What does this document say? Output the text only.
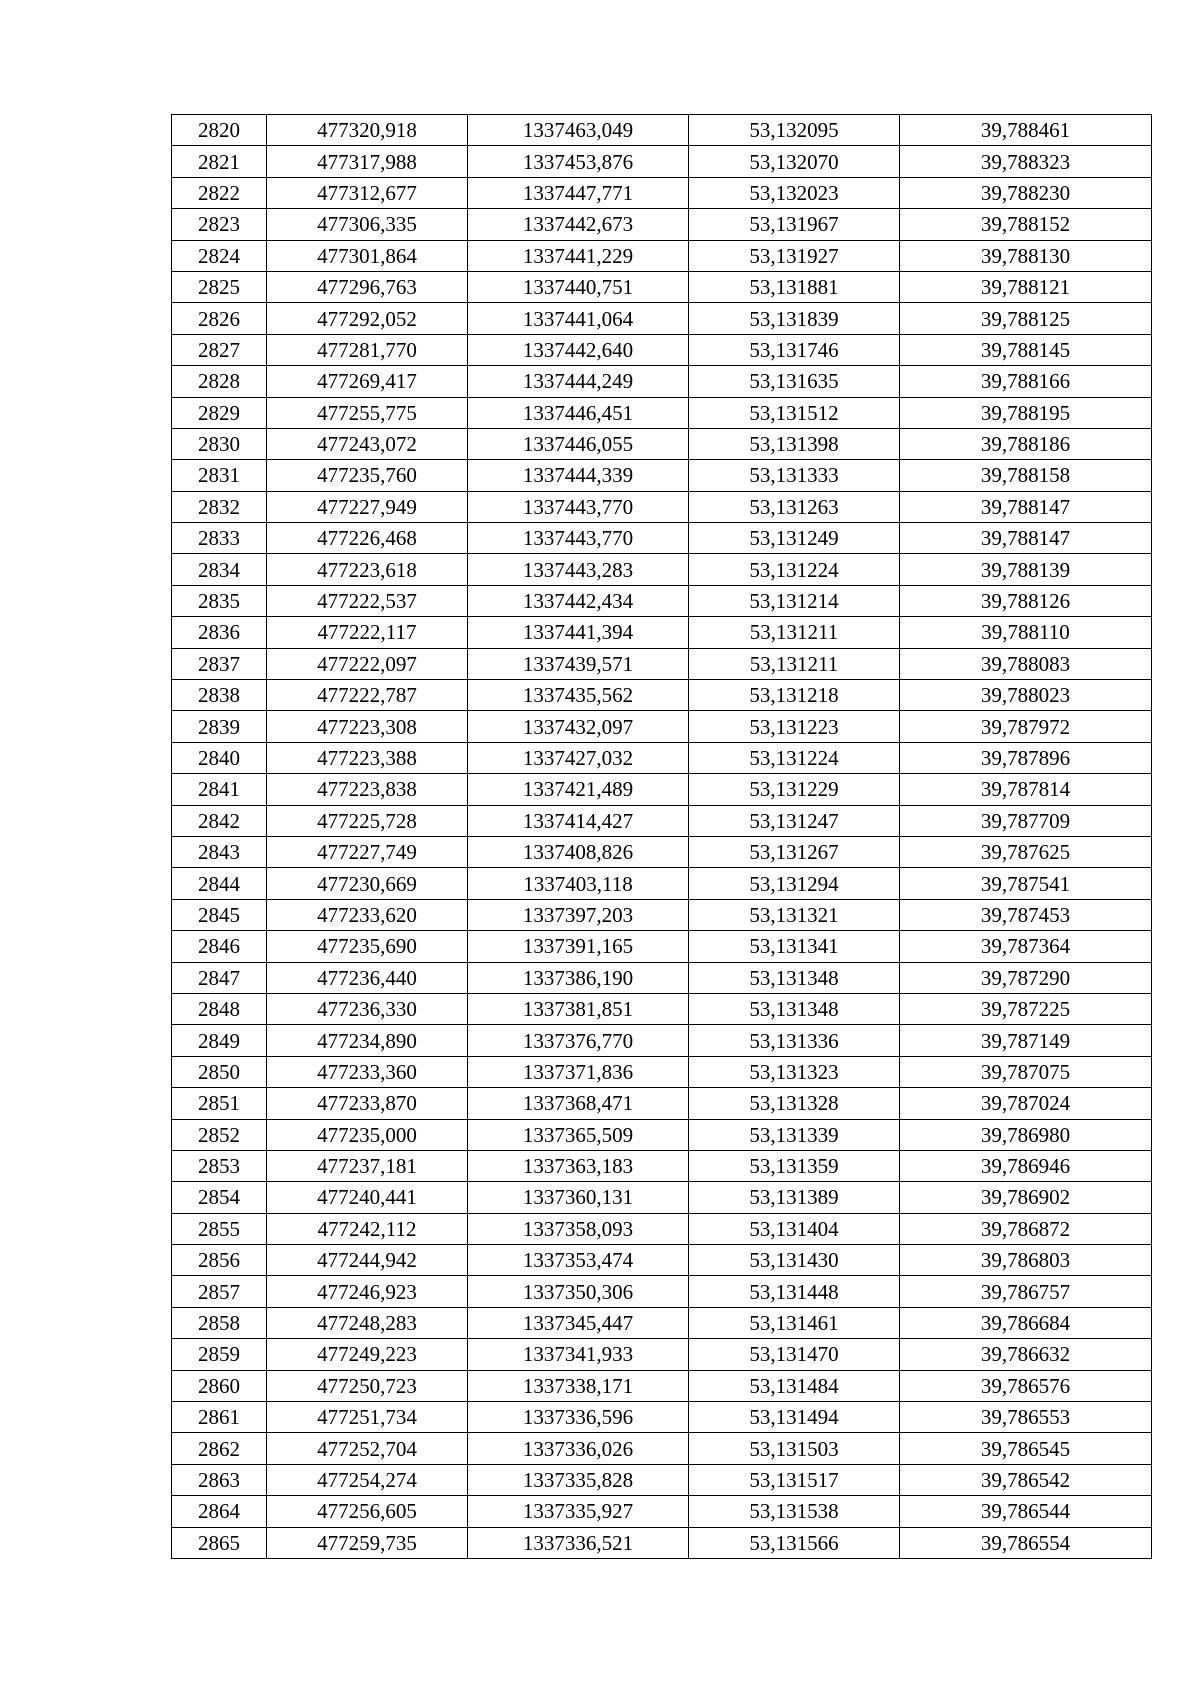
2820	477320,918	1337463,049	53,132095	39,788461
2821	477317,988	1337453,876	53,132070	39,788323
2822	477312,677	1337447,771	53,132023	39,788230
2823	477306,335	1337442,673	53,131967	39,788152
2824	477301,864	1337441,229	53,131927	39,788130
2825	477296,763	1337440,751	53,131881	39,788121
2826	477292,052	1337441,064	53,131839	39,788125
2827	477281,770	1337442,640	53,131746	39,788145
2828	477269,417	1337444,249	53,131635	39,788166
2829	477255,775	1337446,451	53,131512	39,788195
2830	477243,072	1337446,055	53,131398	39,788186
2831	477235,760	1337444,339	53,131333	39,788158
2832	477227,949	1337443,770	53,131263	39,788147
2833	477226,468	1337443,770	53,131249	39,788147
2834	477223,618	1337443,283	53,131224	39,788139
2835	477222,537	1337442,434	53,131214	39,788126
2836	477222,117	1337441,394	53,131211	39,788110
2837	477222,097	1337439,571	53,131211	39,788083
2838	477222,787	1337435,562	53,131218	39,788023
2839	477223,308	1337432,097	53,131223	39,787972
2840	477223,388	1337427,032	53,131224	39,787896
2841	477223,838	1337421,489	53,131229	39,787814
2842	477225,728	1337414,427	53,131247	39,787709
2843	477227,749	1337408,826	53,131267	39,787625
2844	477230,669	1337403,118	53,131294	39,787541
2845	477233,620	1337397,203	53,131321	39,787453
2846	477235,690	1337391,165	53,131341	39,787364
2847	477236,440	1337386,190	53,131348	39,787290
2848	477236,330	1337381,851	53,131348	39,787225
2849	477234,890	1337376,770	53,131336	39,787149
2850	477233,360	1337371,836	53,131323	39,787075
2851	477233,870	1337368,471	53,131328	39,787024
2852	477235,000	1337365,509	53,131339	39,786980
2853	477237,181	1337363,183	53,131359	39,786946
2854	477240,441	1337360,131	53,131389	39,786902
2855	477242,112	1337358,093	53,131404	39,786872
2856	477244,942	1337353,474	53,131430	39,786803
2857	477246,923	1337350,306	53,131448	39,786757
2858	477248,283	1337345,447	53,131461	39,786684
2859	477249,223	1337341,933	53,131470	39,786632
2860	477250,723	1337338,171	53,131484	39,786576
2861	477251,734	1337336,596	53,131494	39,786553
2862	477252,704	1337336,026	53,131503	39,786545
2863	477254,274	1337335,828	53,131517	39,786542
2864	477256,605	1337335,927	53,131538	39,786544
2865	477259,735	1337336,521	53,131566	39,786554
